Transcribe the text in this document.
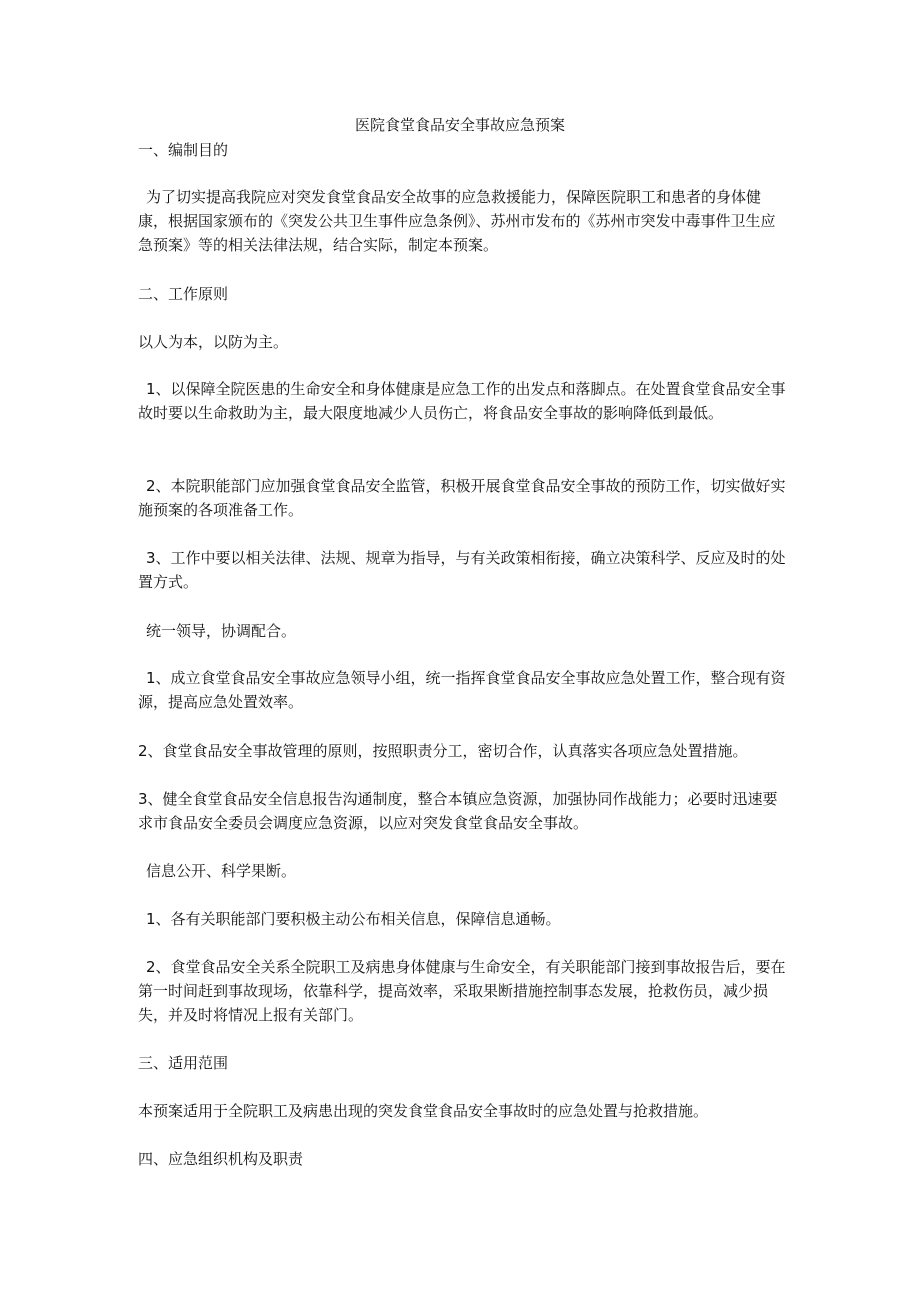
医院食堂食品安全事故应急预案

一、编制目的

为了切实提高我院应对突发食堂食品安全故事的应急救援能力，保障医院职工和患者的身体健康，根据国家颁布的《突发公共卫生事件应急条例》、苏州市发布的《苏州市突发中毒事件卫生应急预案》等的相关法律法规，结合实际，制定本预案。

二、工作原则

以人为本，以防为主。

1、以保障全院医患的生命安全和身体健康是应急工作的出发点和落脚点。在处置食堂食品安全事故时要以生命救助为主，最大限度地减少人员伤亡，将食品安全事故的影响降低到最低。

2、本院职能部门应加强食堂食品安全监管，积极开展食堂食品安全事故的预防工作，切实做好实施预案的各项准备工作。

3、工作中要以相关法律、法规、规章为指导，与有关政策相衔接，确立决策科学、反应及时的处置方式。

统一领导，协调配合。

1、成立食堂食品安全事故应急领导小组，统一指挥食堂食品安全事故应急处置工作，整合现有资源，提高应急处置效率。

2、食堂食品安全事故管理的原则，按照职责分工，密切合作，认真落实各项应急处置措施。

3、健全食堂食品安全信息报告沟通制度，整合本镇应急资源，加强协同作战能力；必要时迅速要求市食品安全委员会调度应急资源，以应对突发食堂食品安全事故。

信息公开、科学果断。

1、各有关职能部门要积极主动公布相关信息，保障信息通畅。

2、食堂食品安全关系全院职工及病患身体健康与生命安全，有关职能部门接到事故报告后，要在第一时间赶到事故现场，依靠科学，提高效率，采取果断措施控制事态发展，抢救伤员，减少损失，并及时将情况上报有关部门。

三、适用范围

本预案适用于全院职工及病患出现的突发食堂食品安全事故时的应急处置与抢救措施。

四、应急组织机构及职责
